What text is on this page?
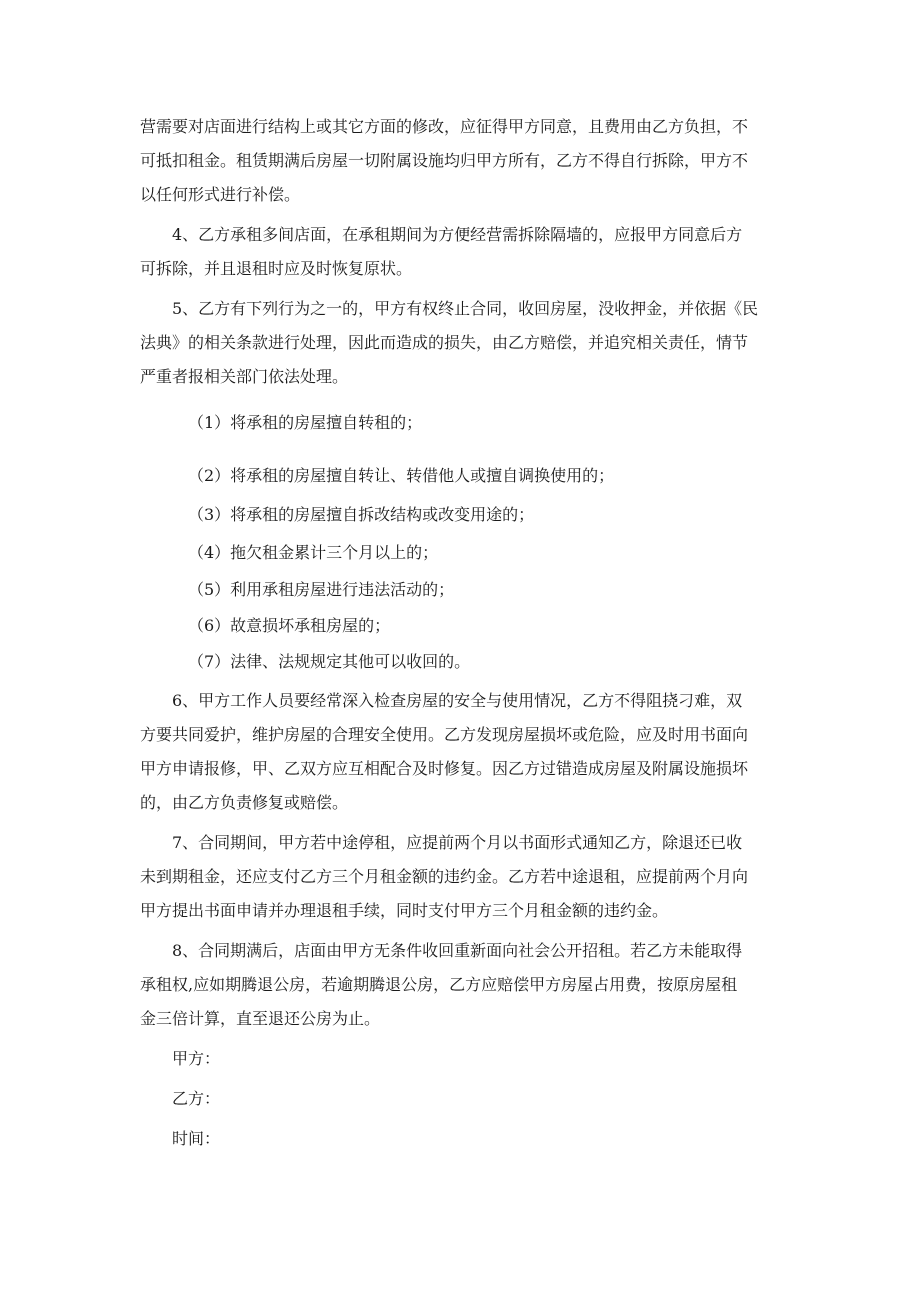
营需要对店面进行结构上或其它方面的修改，应征得甲方同意，且费用由乙方负担，不
可抵扣租金。租赁期满后房屋一切附属设施均归甲方所有，乙方不得自行拆除，甲方不
以任何形式进行补偿。
4、乙方承租多间店面，在承租期间为方便经营需拆除隔墙的，应报甲方同意后方
可拆除，并且退租时应及时恢复原状。
5、乙方有下列行为之一的，甲方有权终止合同，收回房屋，没收押金，并依据《民
法典》的相关条款进行处理，因此而造成的损失，由乙方赔偿，并追究相关责任，情节
严重者报相关部门依法处理。
（1）将承租的房屋擅自转租的；
（2）将承租的房屋擅自转让、转借他人或擅自调换使用的；
（3）将承租的房屋擅自拆改结构或改变用途的；
（4）拖欠租金累计三个月以上的；
（5）利用承租房屋进行违法活动的；
（6）故意损坏承租房屋的；
（7）法律、法规规定其他可以收回的。
6、甲方工作人员要经常深入检查房屋的安全与使用情况，乙方不得阻挠刁难，双
方要共同爱护，维护房屋的合理安全使用。乙方发现房屋损坏或危险，应及时用书面向
甲方申请报修，甲、乙双方应互相配合及时修复。因乙方过错造成房屋及附属设施损坏
的，由乙方负责修复或赔偿。
7、合同期间，甲方若中途停租，应提前两个月以书面形式通知乙方，除退还已收
未到期租金，还应支付乙方三个月租金额的违约金。乙方若中途退租，应提前两个月向
甲方提出书面申请并办理退租手续，同时支付甲方三个月租金额的违约金。
8、合同期满后，店面由甲方无条件收回重新面向社会公开招租。若乙方未能取得
承租权,应如期腾退公房，若逾期腾退公房，乙方应赔偿甲方房屋占用费，按原房屋租
金三倍计算，直至退还公房为止。
甲方：
乙方：
时间：
